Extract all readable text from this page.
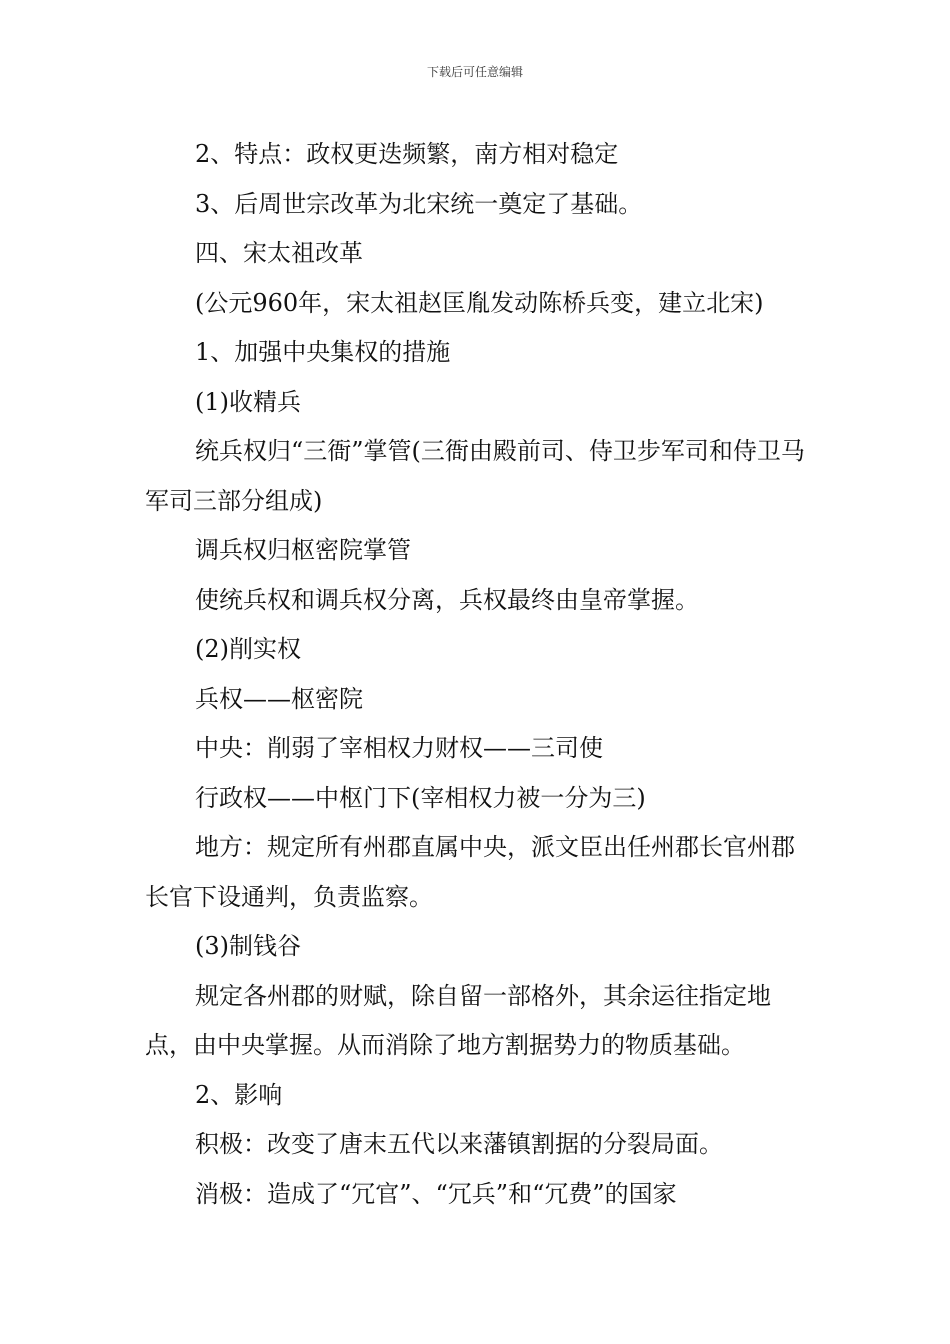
下载后可任意编辑

2、特点：政权更迭频繁，南方相对稳定

3、后周世宗改革为北宋统一奠定了基础。

四、宋太祖改革

(公元960年，宋太祖赵匡胤发动陈桥兵变，建立北宋)

1、加强中央集权的措施

(1)收精兵

统兵权归“三衙”掌管(三衙由殿前司、侍卫步军司和侍卫马军司三部分组成)

调兵权归枢密院掌管

使统兵权和调兵权分离，兵权最终由皇帝掌握。

(2)削实权

兵权——枢密院

中央：削弱了宰相权力财权——三司使

行政权——中枢门下(宰相权力被一分为三)

地方：规定所有州郡直属中央，派文臣出任州郡长官州郡长官下设通判，负责监察。

(3)制钱谷

规定各州郡的财赋，除自留一部格外，其余运往指定地点，由中央掌握。从而消除了地方割据势力的物质基础。

2、影响

积极：改变了唐末五代以来藩镇割据的分裂局面。

消极：造成了“冗官”、“冗兵”和“冗费”的国家
